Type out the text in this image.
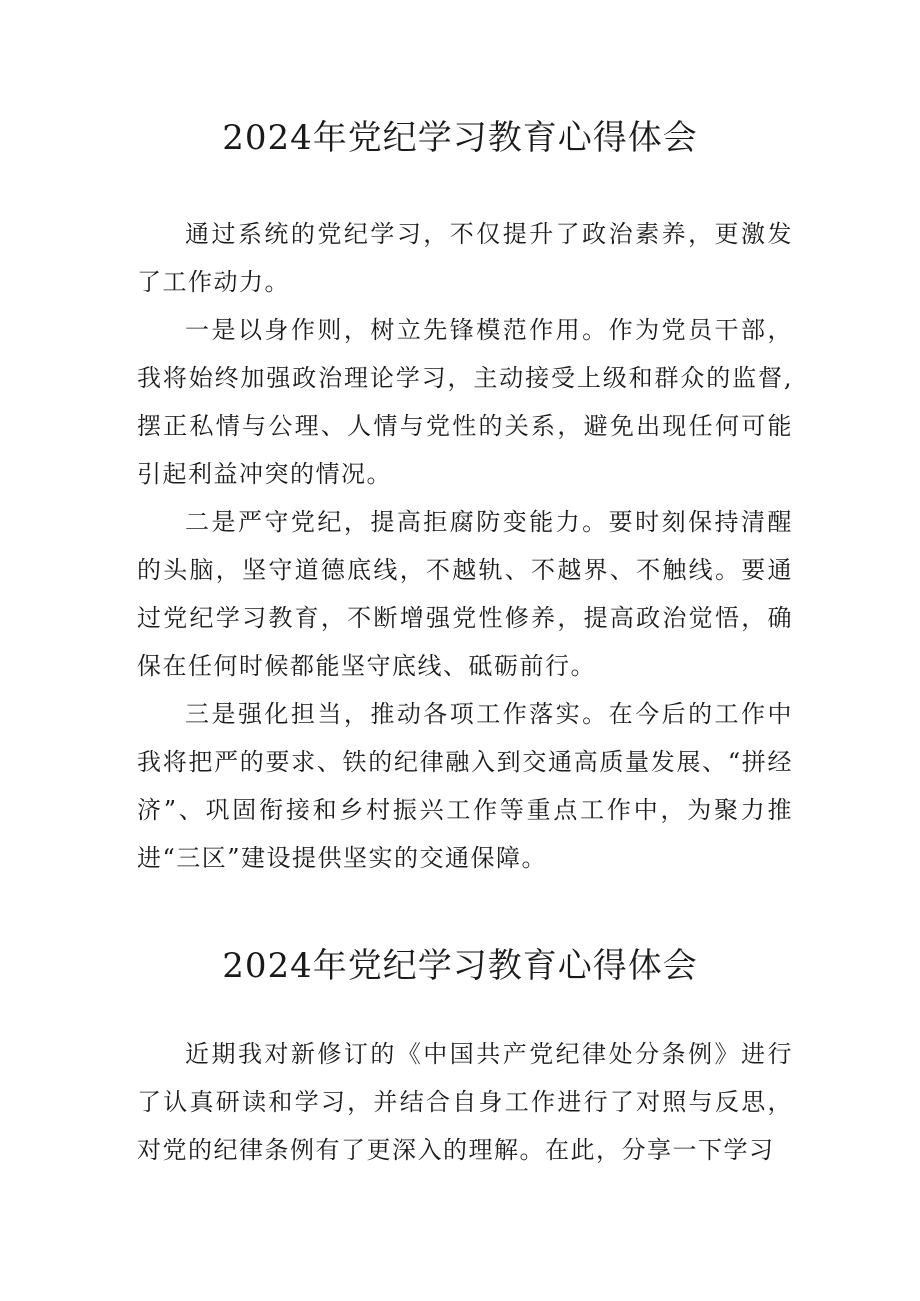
2024年党纪学习教育心得体会

通过系统的党纪学习，不仅提升了政治素养，更激发了工作动力。

一是以身作则，树立先锋模范作用。作为党员干部，我将始终加强政治理论学习，主动接受上级和群众的监督,摆正私情与公理、人情与党性的关系，避免出现任何可能引起利益冲突的情况。

二是严守党纪，提高拒腐防变能力。要时刻保持清醒的头脑，坚守道德底线，不越轨、不越界、不触线。要通过党纪学习教育，不断增强党性修养，提高政治觉悟，确保在任何时候都能坚守底线、砥砺前行。

三是强化担当，推动各项工作落实。在今后的工作中我将把严的要求、铁的纪律融入到交通高质量发展、“拼经济”、巩固衔接和乡村振兴工作等重点工作中，为聚力推进“三区”建设提供坚实的交通保障。

2024年党纪学习教育心得体会

近期我对新修订的《中国共产党纪律处分条例》进行了认真研读和学习，并结合自身工作进行了对照与反思，对党的纪律条例有了更深入的理解。在此，分享一下学习
